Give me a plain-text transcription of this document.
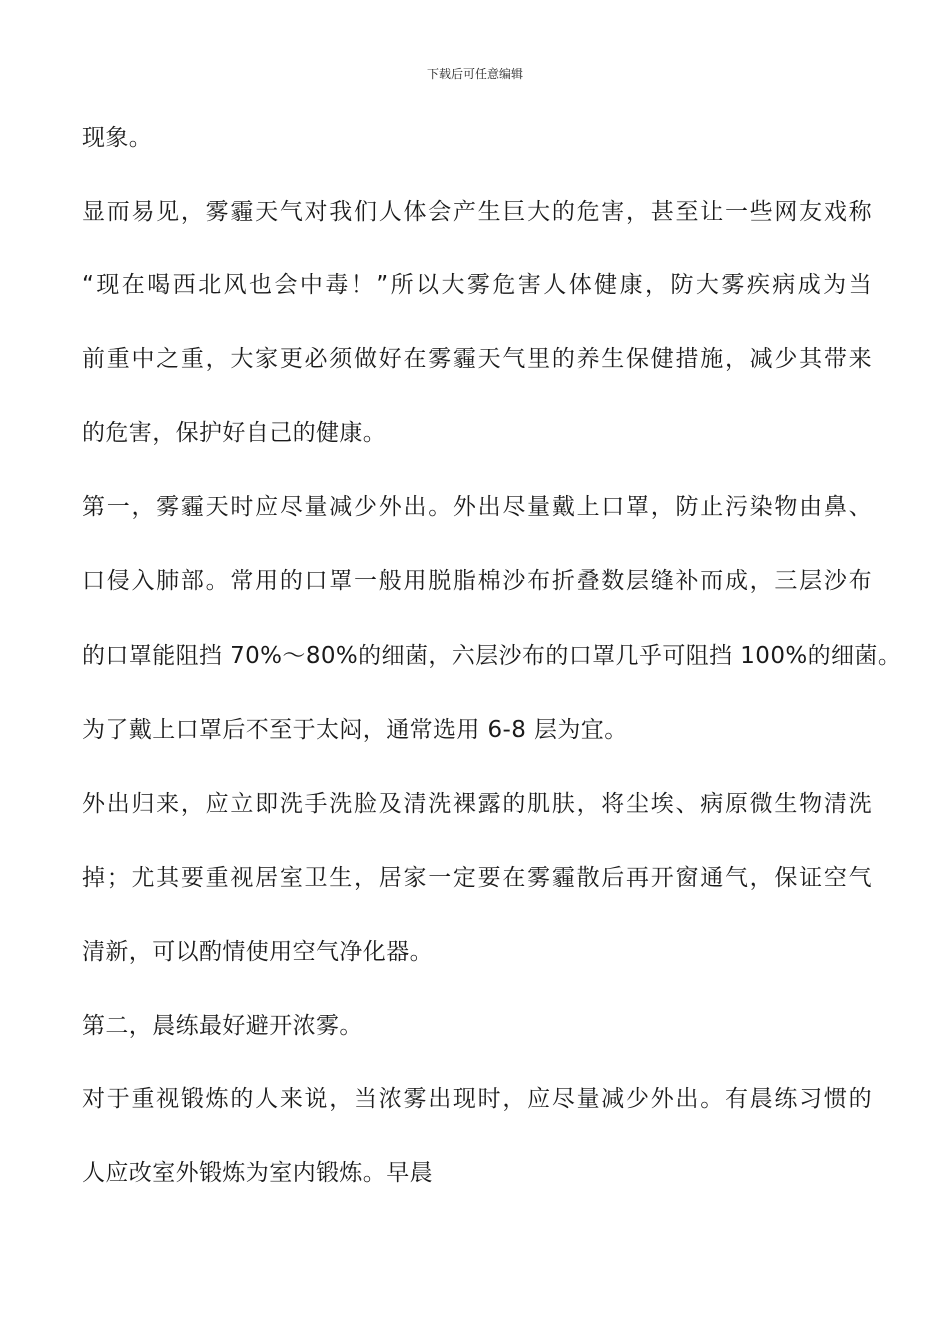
下载后可任意编辑
现象。
显而易见，雾霾天气对我们人体会产生巨大的危害，甚至让一些网友戏称
“现在喝西北风也会中毒！”所以大雾危害人体健康，防大雾疾病成为当
前重中之重，大家更必须做好在雾霾天气里的养生保健措施，减少其带来
的危害，保护好自己的健康。
第一，雾霾天时应尽量减少外出。外出尽量戴上口罩，防止污染物由鼻、
口侵入肺部。常用的口罩一般用脱脂棉沙布折叠数层缝补而成，三层沙布
的口罩能阻挡 70%～80%的细菌，六层沙布的口罩几乎可阻挡 100%的细菌。
为了戴上口罩后不至于太闷，通常选用 6-8 层为宜。
外出归来，应立即洗手洗脸及清洗裸露的肌肤，将尘埃、病原微生物清洗
掉；尤其要重视居室卫生，居家一定要在雾霾散后再开窗通气，保证空气
清新，可以酌情使用空气净化器。
第二，晨练最好避开浓雾。
对于重视锻炼的人来说，当浓雾出现时，应尽量减少外出。有晨练习惯的
人应改室外锻炼为室内锻炼。早晨
